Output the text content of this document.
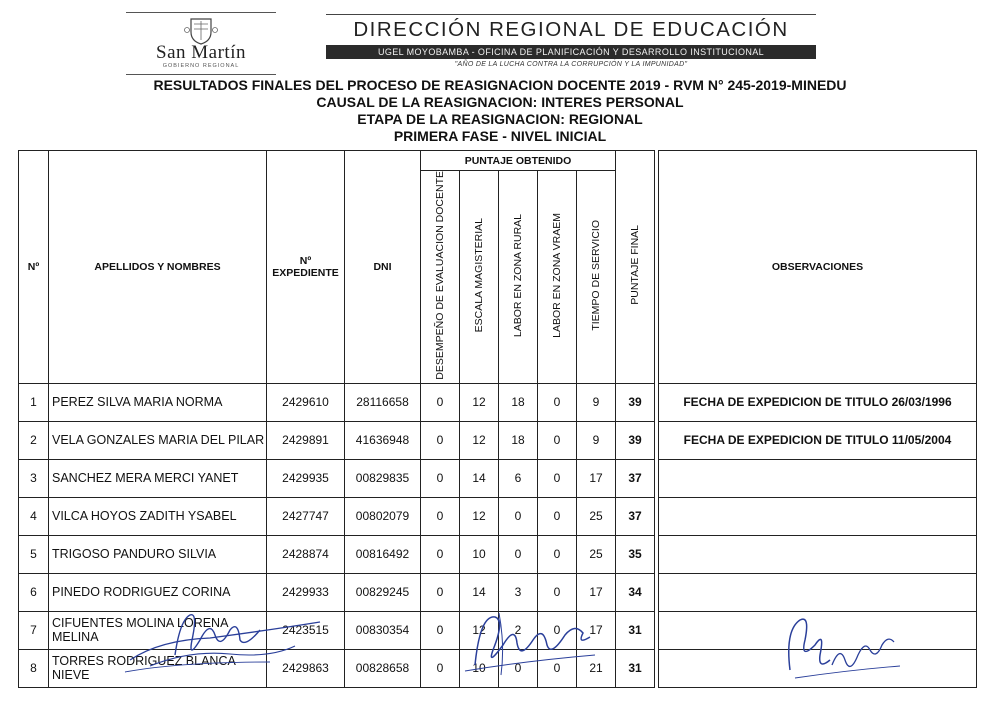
San Martín
GOBIERNO REGIONAL
DIRECCIÓN REGIONAL DE EDUCACIÓN
UGEL MOYOBAMBA - OFICINA DE PLANIFICACIÓN Y DESARROLLO INSTITUCIONAL
"AÑO DE LA LUCHA CONTRA LA CORRUPCIÓN Y LA IMPUNIDAD"
RESULTADOS FINALES DEL PROCESO DE REASIGNACION DOCENTE 2019 - RVM N° 245-2019-MINEDU
CAUSAL DE LA REASIGNACION: INTERES PERSONAL
ETAPA DE LA REASIGNACION: REGIONAL
PRIMERA FASE - NIVEL INICIAL
Nº	APELLIDOS Y NOMBRES	Nº EXPEDIENTE	DNI	PUNTAJE OBTENIDO					PUNTAJE FINAL		OBSERVACIONES
				DESEMPEÑO DE EVALUACION DOCENTE	ESCALA MAGISTERIAL	LABOR EN ZONA RURAL	LABOR EN ZONA VRAEM	TIEMPO DE SERVICIO			
1	PEREZ SILVA MARIA NORMA	2429610	28116658	0	12	18	0	9	39		FECHA DE EXPEDICION DE TITULO 26/03/1996
2	VELA GONZALES MARIA DEL PILAR	2429891	41636948	0	12	18	0	9	39		FECHA DE EXPEDICION DE TITULO 11/05/2004
3	SANCHEZ MERA MERCI YANET	2429935	00829835	0	14	6	0	17	37		
4	VILCA HOYOS ZADITH YSABEL	2427747	00802079	0	12	0	0	25	37		
5	TRIGOSO PANDURO SILVIA	2428874	00816492	0	10	0	0	25	35		
6	PINEDO RODRIGUEZ CORINA	2429933	00829245	0	14	3	0	17	34		
7	CIFUENTES MOLINA LORENA MELINA	2423515	00830354	0	12	2	0	17	31		
8	TORRES RODRIGUEZ BLANCA NIEVE	2429863	00828658	0	10	0	0	21	31		
